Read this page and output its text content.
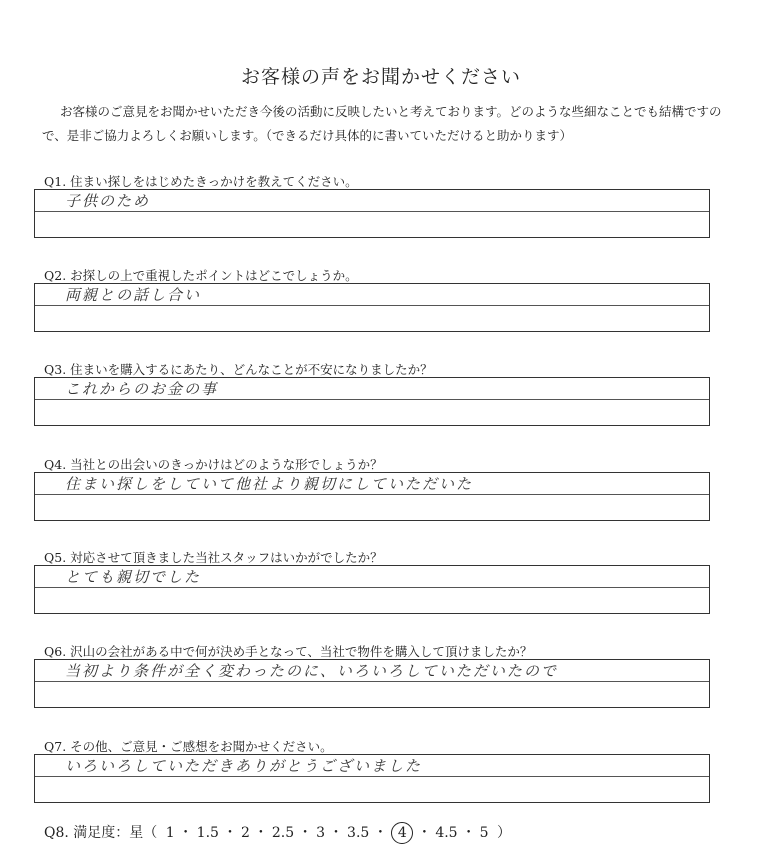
お客様の声をお聞かせください
お客様のご意見をお聞かせいただき今後の活動に反映したいと考えております。どのような些細なことでも結構ですので、是非ご協力よろしくお願いします。（できるだけ具体的に書いていただけると助かります）
Q1. 住まい探しをはじめたきっかけを教えてください。
子供のため
Q2. お探しの上で重視したポイントはどこでしょうか。
両親との話し合い
Q3. 住まいを購入するにあたり、どんなことが不安になりましたか？
これからのお金の事
Q4. 当社との出会いのきっかけはどのような形でしょうか？
住まい探しをしていて他社より親切にしていただいた
Q5. 対応させて頂きました当社スタッフはいかがでしたか？
とても親切でした
Q6. 沢山の会社がある中で何が決め手となって、当社で物件を購入して頂けましたか？
当初より条件が全く変わったのに、いろいろしていただいたので
Q7. その他、ご意見・ご感想をお聞かせください。
いろいろしていただきありがとうございました
Q8. 満足度：星（ 1 ・ 1.5 ・ 2 ・ 2.5 ・ 3 ・ 3.5 ・ 4 ・ 4.5 ・ 5 ）
